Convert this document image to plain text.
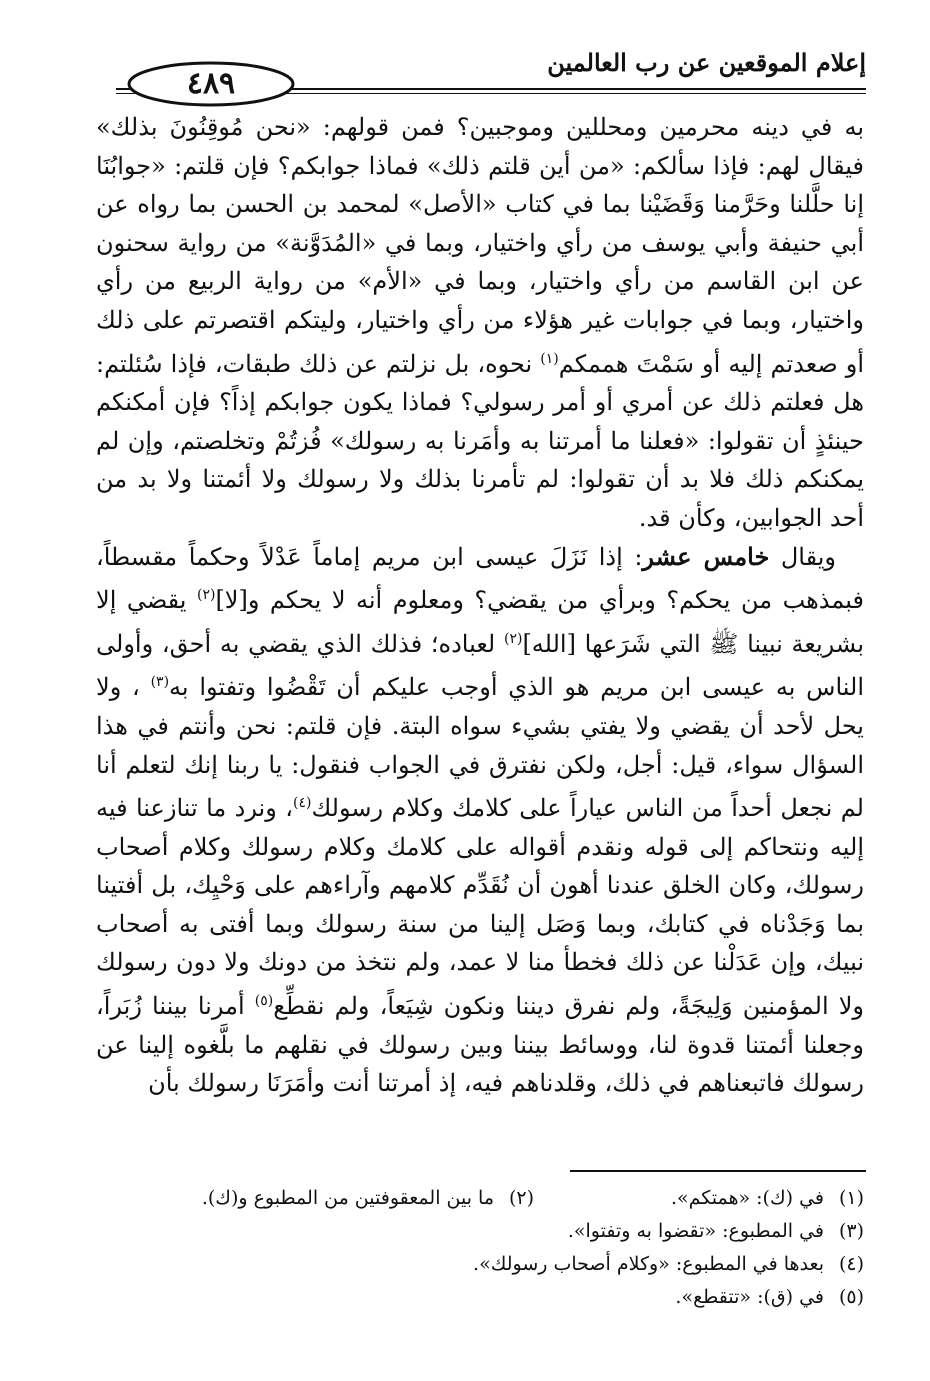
إعلام الموقعين عن رب العالمين
٤٨٩

به في دينه محرمين ومحللين وموجبين؟ فمن قولهم: «نحن مُوقِنُونَ بذلك» فيقال لهم: فإذا سألكم: «من أين قلتم ذلك» فماذا جوابكم؟ فإن قلتم: «جوابُنَا إنا حلَّلنا وحَرَّمنا وَقَضَيْنا بما في كتاب «الأصل» لمحمد بن الحسن بما رواه عن أبي حنيفة وأبي يوسف من رأي واختيار، وبما في «المُدَوَّنة» من رواية سحنون عن ابن القاسم من رأي واختيار، وبما في «الأم» من رواية الربيع من رأي واختيار، وبما في جوابات غير هؤلاء من رأي واختيار، وليتكم اقتصرتم على ذلك أو صعدتم إليه أو سَمْتَ هممكم$^{(١)}$ نحوه، بل نزلتم عن ذلك طبقات، فإذا سُئلتم: هل فعلتم ذلك عن أمري أو أمر رسولي؟ فماذا يكون جوابكم إذاً؟ فإن أمكنكم حينئذٍ أن تقولوا: «فعلنا ما أمرتنا به وأمَرنا به رسولك» فُزتُمْ وتخلصتم، وإن لم يمكنكم ذلك فلا بد أن تقولوا: لم تأمرنا بذلك ولا رسولك ولا أئمتنا ولا بد من أحد الجوابين، وكأن قد.

ويقال خامس عشر: إذا نَزَلَ عيسى ابن مريم إماماً عَدْلاً وحكماً مقسطاً، فبمذهب من يحكم؟ وبرأي من يقضي؟ ومعلوم أنه لا يحكم و[لا]$^{(٢)}$ يقضي إلا بشريعة نبينا ﷺ التي شَرَعها [الله]$^{(٢)}$ لعباده؛ فذلك الذي يقضي به أحق، وأولى الناس به عيسى ابن مريم هو الذي أوجب عليكم أن تَقْضُوا وتفتوا به$^{(٣)}$ ، ولا يحل لأحد أن يقضي ولا يفتي بشيء سواه البتة. فإن قلتم: نحن وأنتم في هذا السؤال سواء، قيل: أجل، ولكن نفترق في الجواب فنقول: يا ربنا إنك لتعلم أنا لم نجعل أحداً من الناس عياراً على كلامك وكلام رسولك$^{(٤)}$، ونرد ما تنازعنا فيه إليه ونتحاكم إلى قوله ونقدم أقواله على كلامك وكلام رسولك وكلام أصحاب رسولك، وكان الخلق عندنا أهون أن نُقَدِّم كلامهم وآراءهم على وَحْيِك، بل أفتينا بما وَجَدْناه في كتابك، وبما وَصَل إلينا من سنة رسولك وبما أفتى به أصحاب نبيك، وإن عَدَلْنا عن ذلك فخطأ منا لا عمد، ولم نتخذ من دونك ولا دون رسولك ولا المؤمنين وَلِيجَةً، ولم نفرق ديننا ونكون شِيَعاً، ولم نقطِّع$^{(٥)}$ أمرنا بيننا زُبَراً، وجعلنا أئمتنا قدوة لنا، ووسائط بيننا وبين رسولك في نقلهم ما بلَّغوه إلينا عن رسولك فاتبعناهم في ذلك، وقلدناهم فيه، إذ أمرتنا أنت وأمَرَنَا رسولك بأن

(١)في (ك): «همتكم».(٢)ما بين المعقوفتين من المطبوع و(ك).
(٣)في المطبوع: «تقضوا به وتفتوا».
(٤)بعدها في المطبوع: «وكلام أصحاب رسولك».
(٥)في (ق): «تتقطع».
